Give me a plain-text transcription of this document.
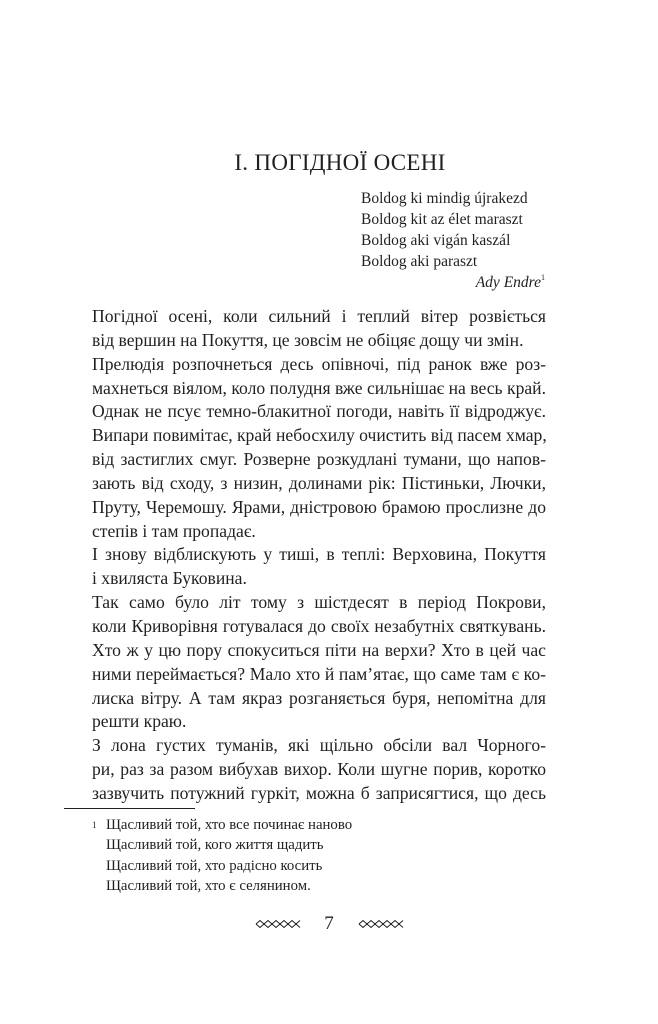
І. ПОГІДНОЇ ОСЕНІ
Boldog ki mindig újrakezd
Boldog kit az élet maraszt
Boldog aki vigán kaszál
Boldog aki paraszt
Ady Endre$^1$

Погідної осені, коли сильний і теплий вітер розвіється
від вершин на Покуття, це зовсім не обіцяє дощу чи змін.

Прелюдія розпочнеться десь опівночі, під ранок вже роз-
махнеться віялом, коло полудня вже сильнішає на весь край.
Однак не псує темно-блакитної погоди, навіть її відроджує.
Випари повимітає, край небосхилу очистить від пасем хмар,
від застиглих смуг. Розверне розкудлані тумани, що напов-
зають від сходу, з низин, долинами рік: Пістиньки, Лючки,
Пруту, Черемошу. Ярами, дністровою брамою прослизне до
степів і там пропадає.

І знову відблискують у тиші, в теплі: Верховина, Покуття
і хвиляста Буковина.

Так само було літ тому з шістдесят в період Покрови,
коли Криворівня готувалася до своїх незабутніх святкувань.
Хто ж у цю пору спокуситься піти на верхи? Хто в цей час
ними переймається? Мало хто й пам’ятає, що саме там є ко-
лиска вітру. А там якраз розганяється буря, непомітна для
решти краю.

З лона густих туманів, які щільно обсіли вал Чорного-
ри, раз за разом вибухав вихор. Коли шугне порив, коротко
зазвучить потужний гуркіт, можна б заприсягтися, що десь

1 Щасливий той, хто все починає наново
Щасливий той, кого життя щадить
Щасливий той, хто радісно косить
Щасливий той, хто є селянином.
7
